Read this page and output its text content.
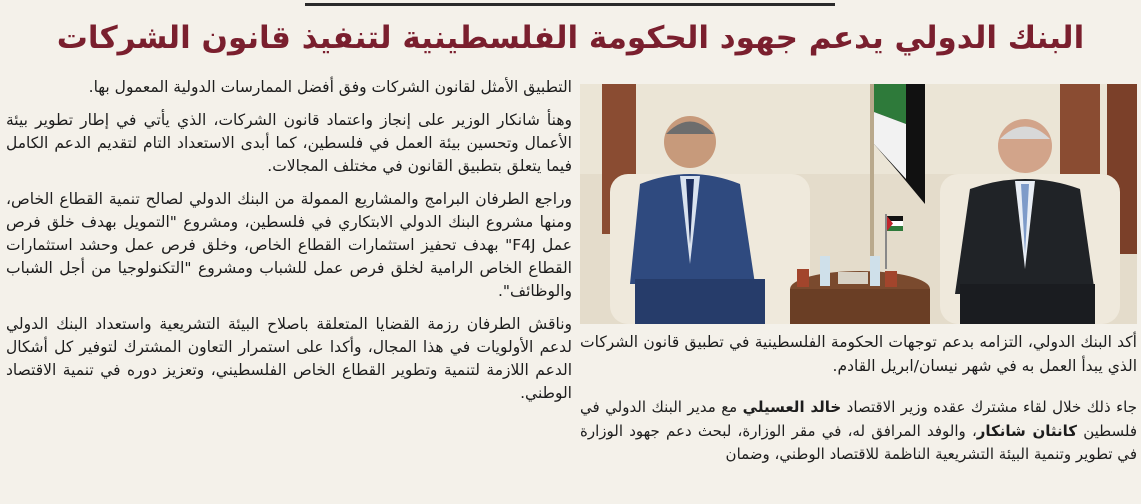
البنك الدولي يدعم جهود الحكومة الفلسطينية لتنفيذ قانون الشركات

التطبيق الأمثل لقانون الشركات وفق أفضل الممارسات الدولية المعمول بها.

وهنأ شانكار الوزير على إنجاز واعتماد قانون الشركات، الذي يأتي في إطار تطوير بيئة الأعمال وتحسين بيئة العمل في فلسطين، كما أبدى الاستعداد التام لتقديم الدعم الكامل فيما يتعلق بتطبيق القانون في مختلف المجالات.

وراجع الطرفان البرامج والمشاريع الممولة من البنك الدولي لصالح تنمية القطاع الخاص، ومنها مشروع البنك الدولي الابتكاري في فلسطين، ومشروع "التمويل بهدف خلق فرص عمل F4J" بهدف تحفيز استثمارات القطاع الخاص، وخلق فرص عمل وحشد استثمارات القطاع الخاص الرامية لخلق فرص عمل للشباب ومشروع "التكنولوجيا من أجل الشباب والوظائف".

وناقش الطرفان رزمة القضايا المتعلقة باصلاح البيئة التشريعية واستعداد البنك الدولي لدعم الأولويات في هذا المجال، وأكدا على استمرار التعاون المشترك لتوفير كل أشكال الدعم اللازمة لتنمية وتطوير القطاع الخاص الفلسطيني، وتعزيز دوره في تنمية الاقتصاد الوطني.

أكد البنك الدولي، التزامه بدعم توجهات الحكومة الفلسطينية في تطبيق قانون الشركات الذي يبدأ العمل به في شهر نيسان/ابريل القادم.
جاء ذلك خلال لقاء مشترك عقده وزير الاقتصاد خالد العسيلي مع مدير البنك الدولي في فلسطين كانثان شانكار، والوفد المرافق له، في مقر الوزارة، لبحث دعم جهود الوزارة في تطوير وتنمية البيئة التشريعية الناظمة للاقتصاد الوطني، وضمان
